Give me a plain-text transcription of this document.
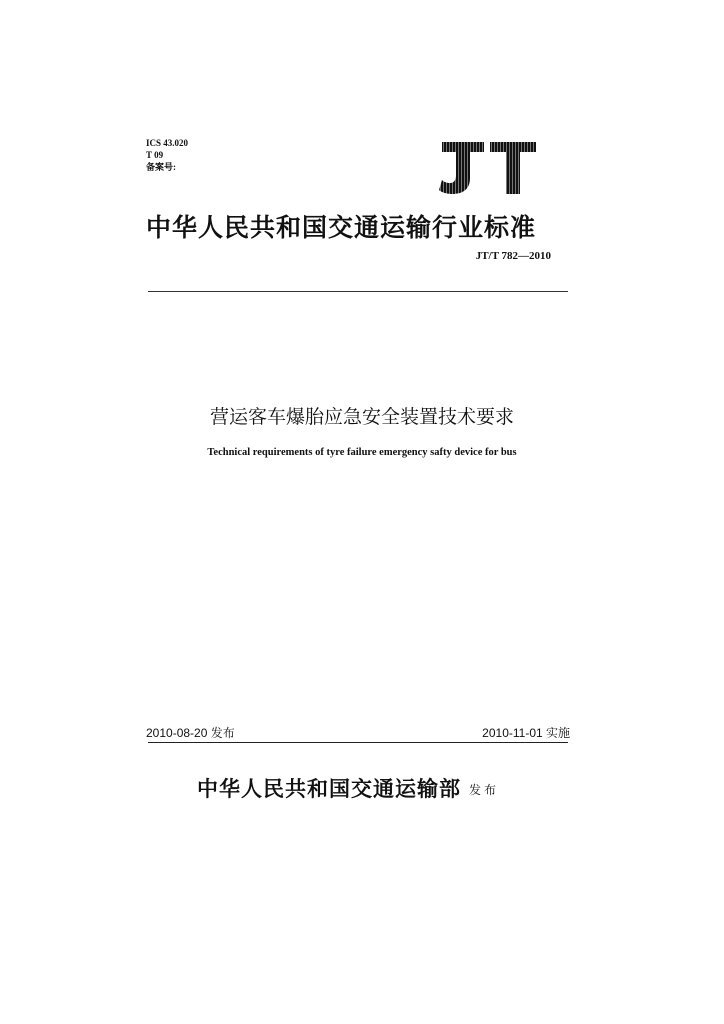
ICS 43.020
T 09
备案号:
中华人民共和国交通运输行业标准
JT/T 782—2010
营运客车爆胎应急安全装置技术要求
Technical requirements of tyre failure emergency safty device for bus
2010-08-20 发布	2010-11-01 实施
中华人民共和国交通运输部 发布
